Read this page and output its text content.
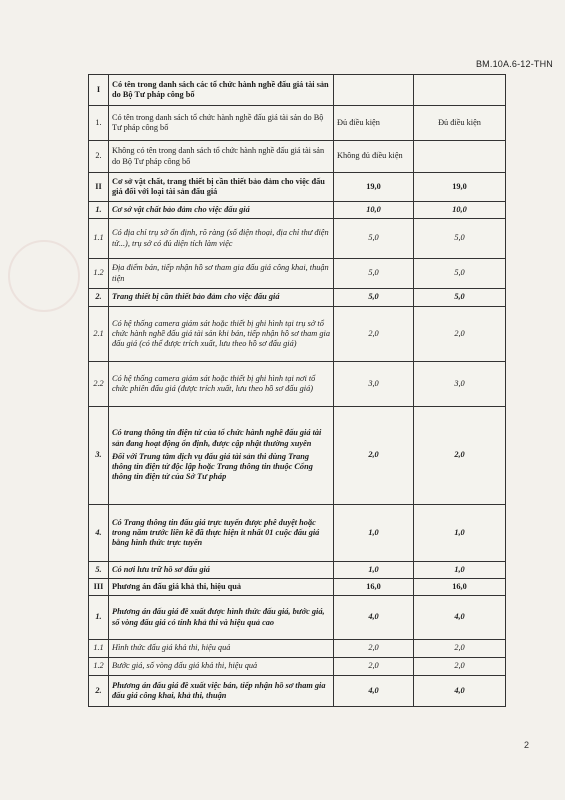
BM.10A.6-12-THN
I	Có tên trong danh sách các tổ chức hành nghề đấu giá tài sản do Bộ Tư pháp công bố		
1.	Có tên trong danh sách tổ chức hành nghề đấu giá tài sản do Bộ Tư pháp công bố	Đủ điều kiện	Đủ điều kiện
2.	Không có tên trong danh sách tổ chức hành nghề đấu giá tài sản do Bộ Tư pháp công bố	Không đủ điều kiện	
II	Cơ sở vật chất, trang thiết bị cần thiết bảo đảm cho việc đấu giá đối với loại tài sản đấu giá	19,0	19,0
1.	Cơ sở vật chất bảo đảm cho việc đấu giá	10,0	10,0
1.1	Có địa chỉ trụ sở ổn định, rõ ràng (số điện thoại, địa chỉ thư điện tử...), trụ sở có đủ diện tích làm việc	5,0	5,0
1.2	Địa điểm bán, tiếp nhận hồ sơ tham gia đấu giá công khai, thuận tiện	5,0	5,0
2.	Trang thiết bị cần thiết bảo đảm cho việc đấu giá	5,0	5,0
2.1	Có hệ thống camera giám sát hoặc thiết bị ghi hình tại trụ sở tổ chức hành nghề đấu giá tài sản khi bán, tiếp nhận hồ sơ tham gia đấu giá (có thể được trích xuất, lưu theo hồ sơ đấu giá)	2,0	2,0
2.2	Có hệ thống camera giám sát hoặc thiết bị ghi hình tại nơi tổ chức phiên đấu giá (được trích xuất, lưu theo hồ sơ đấu giá)	3,0	3,0
3.	Có trang thông tin điện tử của tổ chức hành nghề đấu giá tài sản đang hoạt động ổn định, được cập nhật thường xuyên
Đối với Trung tâm dịch vụ đấu giá tài sản thì dùng Trang thông tin điện tử độc lập hoặc Trang thông tin thuộc Cổng thông tin điện tử của Sở Tư pháp	2,0	2,0
4.	Có Trang thông tin đấu giá trực tuyến được phê duyệt hoặc trong năm trước liền kề đã thực hiện ít nhất 01 cuộc đấu giá bằng hình thức trực tuyến	1,0	1,0
5.	Có nơi lưu trữ hồ sơ đấu giá	1,0	1,0
III	Phương án đấu giá khả thi, hiệu quả	16,0	16,0
1.	Phương án đấu giá đề xuất được hình thức đấu giá, bước giá, số vòng đấu giá có tính khả thi và hiệu quả cao	4,0	4,0
1.1	Hình thức đấu giá khả thi, hiệu quả	2,0	2,0
1.2	Bước giá, số vòng đấu giá khả thi, hiệu quả	2,0	2,0
2.	Phương án đấu giá đề xuất việc bán, tiếp nhận hồ sơ tham gia đấu giá công khai, khả thi, thuận	4,0	4,0
2
